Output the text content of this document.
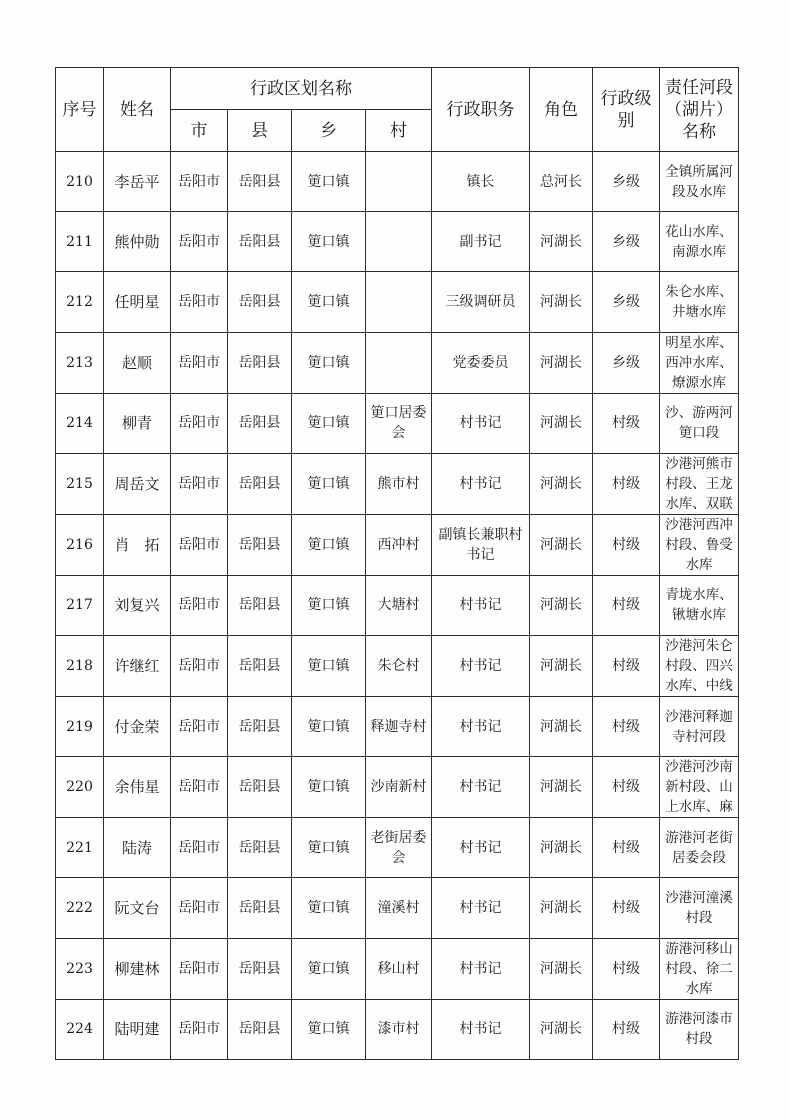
序号	姓名	行政区划名称				行政职务	角色	行政级别	责任河段（湖片）名称
		市	县	乡	村				
210	李岳平	岳阳市	岳阳县	筻口镇		镇长	总河长	乡级	全镇所属河段及水库
211	熊仲勋	岳阳市	岳阳县	筻口镇		副书记	河湖长	乡级	花山水库、南源水库
212	任明星	岳阳市	岳阳县	筻口镇		三级调研员	河湖长	乡级	朱仑水库、井塘水库
213	赵顺	岳阳市	岳阳县	筻口镇		党委委员	河湖长	乡级	明星水库、西冲水库、燎源水库
214	柳青	岳阳市	岳阳县	筻口镇	筻口居委会	村书记	河湖长	村级	沙、游两河筻口段
215	周岳文	岳阳市	岳阳县	筻口镇	熊市村	村书记	河湖长	村级	沙港河熊市村段、王龙水库、双联
216	肖　拓	岳阳市	岳阳县	筻口镇	西冲村	副镇长兼职村书记	河湖长	村级	沙港河西冲村段、鲁受水库
217	刘复兴	岳阳市	岳阳县	筻口镇	大塘村	村书记	河湖长	村级	青垅水库、锹塘水库
218	许继红	岳阳市	岳阳县	筻口镇	朱仑村	村书记	河湖长	村级	沙港河朱仑村段、四兴水库、中线
219	付金荣	岳阳市	岳阳县	筻口镇	释迦寺村	村书记	河湖长	村级	沙港河释迦寺村河段
220	余伟星	岳阳市	岳阳县	筻口镇	沙南新村	村书记	河湖长	村级	沙港河沙南新村段、山上水库、麻
221	陆涛	岳阳市	岳阳县	筻口镇	老街居委会	村书记	河湖长	村级	游港河老街居委会段
222	阮文台	岳阳市	岳阳县	筻口镇	潼溪村	村书记	河湖长	村级	沙港河潼溪村段
223	柳建林	岳阳市	岳阳县	筻口镇	移山村	村书记	河湖长	村级	游港河移山村段、徐二水库
224	陆明建	岳阳市	岳阳县	筻口镇	漆市村	村书记	河湖长	村级	游港河漆市村段
